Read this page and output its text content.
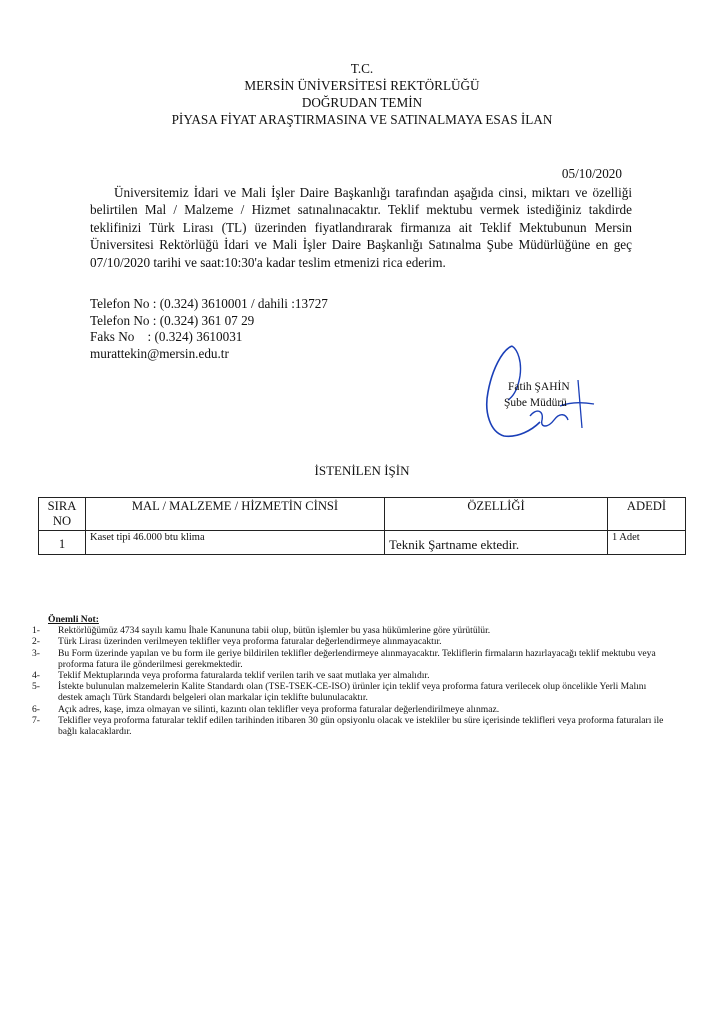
T.C.
MERSİN ÜNİVERSİTESİ REKTÖRLÜĞÜ
DOĞRUDAN TEMİN
PİYASA FİYAT ARAŞTIRMASINA VE SATINALMAYA ESAS İLAN
05/10/2020

Üniversitemiz İdari ve Mali İşler Daire Başkanlığı tarafından aşağıda cinsi, miktarı ve özelliği belirtilen Mal / Malzeme / Hizmet satınalınacaktır. Teklif mektubu vermek istediğiniz takdirde teklifinizi Türk Lirası (TL) üzerinden fiyatlandırarak firmanıza ait Teklif Mektubunun Mersin Üniversitesi Rektörlüğü İdari ve Mali İşler Daire Başkanlığı Satınalma Şube Müdürlüğüne en geç 07/10/2020 tarihi ve saat:10:30'a kadar teslim etmenizi rica ederim.

Telefon No : (0.324) 3610001 / dahili :13727
Telefon No : (0.324) 361 07 29
Faks No    : (0.324) 3610031
murattekin@mersin.edu.tr
Fatih ŞAHİN
Şube Müdürü
İSTENİLEN İŞİN
SIRA NO	MAL / MALZEME / HİZMETİN CİNSİ	ÖZELLİĞİ	ADEDİ
1	Kaset tipi 46.000 btu klima	Teknik Şartname ektedir.	1 Adet
Önemli Not:
1- Rektörlüğümüz 4734 sayılı kamu İhale Kanununa tabii olup, bütün işlemler bu yasa hükümlerine göre yürütülür.
2- Türk Lirası üzerinden verilmeyen teklifler veya proforma faturalar değerlendirmeye alınmayacaktır.
3- Bu Form üzerinde yapılan ve bu form ile geriye bildirilen teklifler değerlendirmeye alınmayacaktır. Tekliflerin firmaların hazırlayacağı teklif mektubu veya proforma fatura ile gönderilmesi gerekmektedir.
4- Teklif Mektuplarında veya proforma faturalarda teklif verilen tarih ve saat mutlaka yer almalıdır.
5- İstekte bulunulan malzemelerin Kalite Standardı olan (TSE-TSEK-CE-ISO) ürünler için teklif veya proforma fatura verilecek olup öncelikle Yerli Malını destek amaçlı Türk Standardı belgeleri olan markalar için teklifte bulunulacaktır.
6- Açık adres, kaşe, imza olmayan ve silinti, kazıntı olan teklifler veya proforma faturalar değerlendirilmeye alınmaz.
7- Teklifler veya proforma faturalar teklif edilen tarihinden itibaren 30 gün opsiyonlu olacak ve istekliler bu süre içerisinde teklifleri veya proforma faturaları ile bağlı kalacaklardır.
